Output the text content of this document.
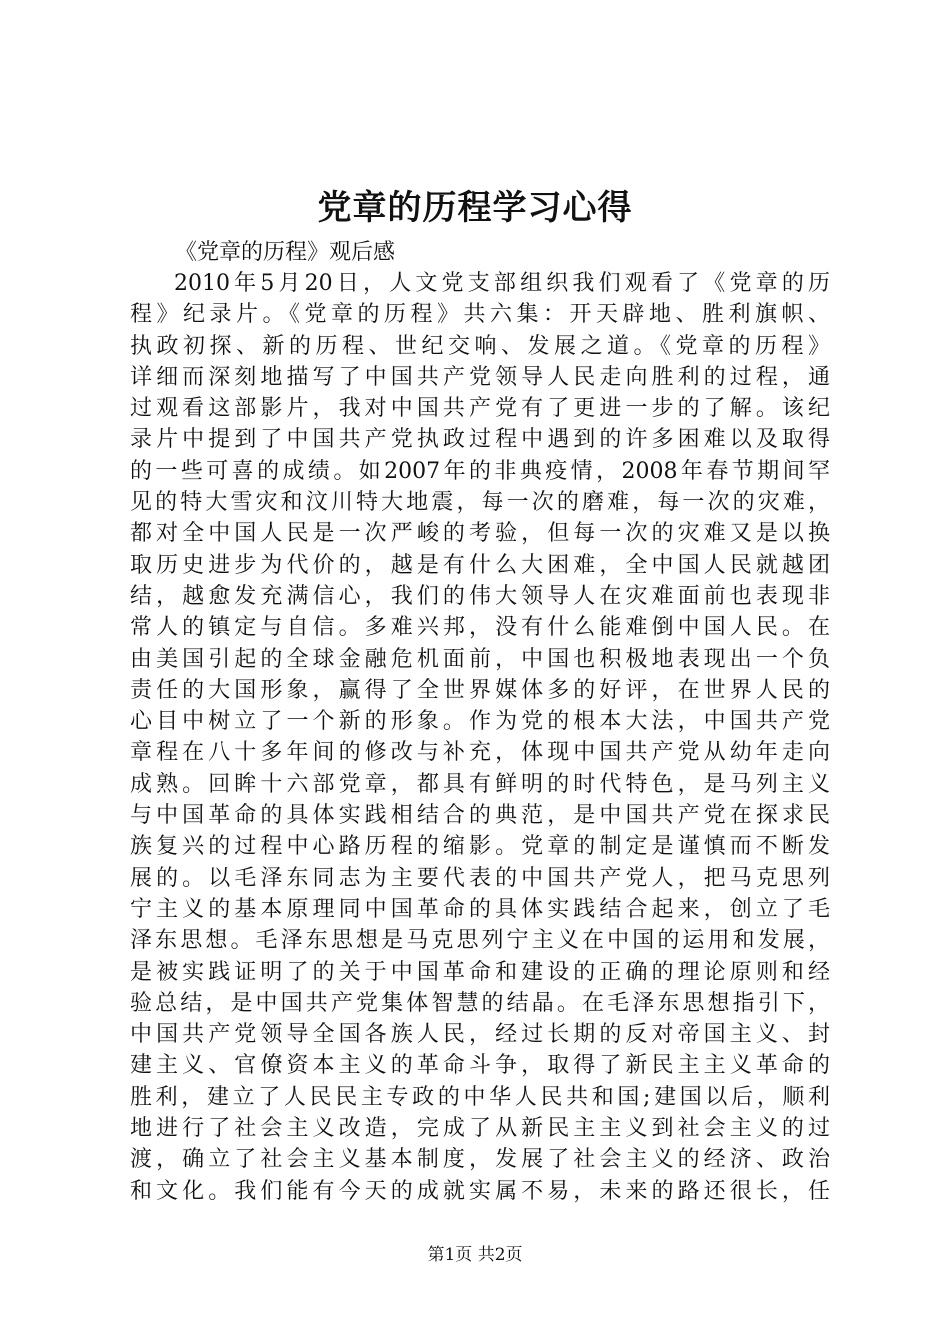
党章的历程学习心得
《党章的历程》观后感
2010年5月20日，人文党支部组织我们观看了《党章的历
程》纪录片。《党章的历程》共六集：开天辟地、胜利旗帜、
执政初探、新的历程、世纪交响、发展之道。《党章的历程》
详细而深刻地描写了中国共产党领导人民走向胜利的过程，通
过观看这部影片，我对中国共产党有了更进一步的了解。该纪
录片中提到了中国共产党执政过程中遇到的许多困难以及取得
的一些可喜的成绩。如2007年的非典疫情，2008年春节期间罕
见的特大雪灾和汶川特大地震，每一次的磨难，每一次的灾难，
都对全中国人民是一次严峻的考验，但每一次的灾难又是以换
取历史进步为代价的，越是有什么大困难，全中国人民就越团
结，越愈发充满信心，我们的伟大领导人在灾难面前也表现非
常人的镇定与自信。多难兴邦，没有什么能难倒中国人民。在
由美国引起的全球金融危机面前，中国也积极地表现出一个负
责任的大国形象，赢得了全世界媒体多的好评，在世界人民的
心目中树立了一个新的形象。作为党的根本大法，中国共产党
章程在八十多年间的修改与补充，体现中国共产党从幼年走向
成熟。回眸十六部党章，都具有鲜明的时代特色，是马列主义
与中国革命的具体实践相结合的典范，是中国共产党在探求民
族复兴的过程中心路历程的缩影。党章的制定是谨慎而不断发
展的。以毛泽东同志为主要代表的中国共产党人，把马克思列
宁主义的基本原理同中国革命的具体实践结合起来，创立了毛
泽东思想。毛泽东思想是马克思列宁主义在中国的运用和发展，
是被实践证明了的关于中国革命和建设的正确的理论原则和经
验总结，是中国共产党集体智慧的结晶。在毛泽东思想指引下，
中国共产党领导全国各族人民，经过长期的反对帝国主义、封
建主义、官僚资本主义的革命斗争，取得了新民主主义革命的
胜利，建立了人民民主专政的中华人民共和国;建国以后，顺利
地进行了社会主义改造，完成了从新民主主义到社会主义的过
渡，确立了社会主义基本制度，发展了社会主义的经济、政治
和文化。我们能有今天的成就实属不易，未来的路还很长，任
第1页 共2页
